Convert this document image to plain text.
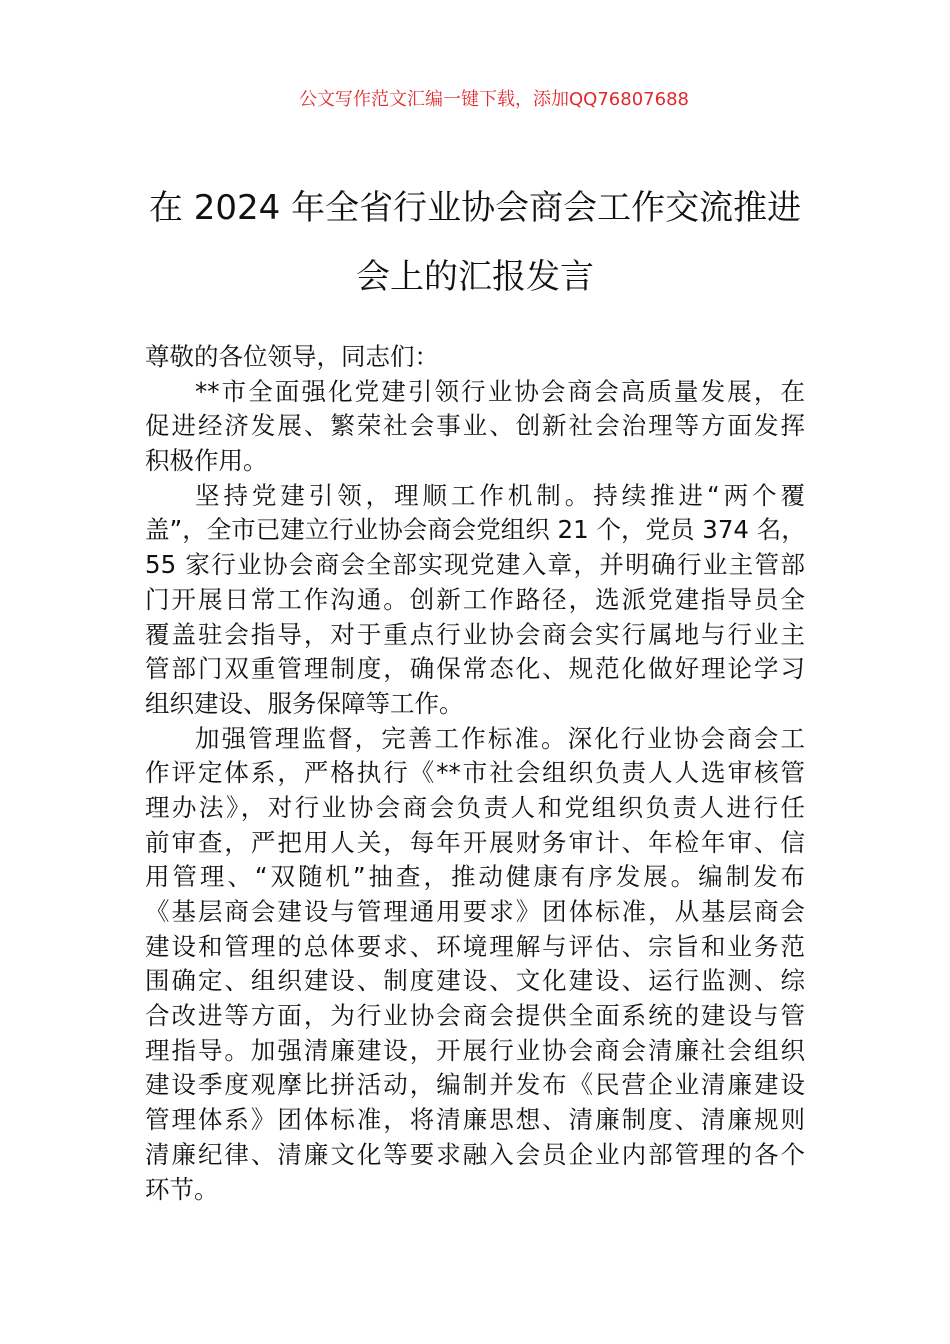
公文写作范文汇编一键下载，添加QQ76807688
在 2024 年全省行业协会商会工作交流推进
会上的汇报发言
尊敬的各位领导，同志们：
**市全面强化党建引领行业协会商会高质量发展，在
促进经济发展、繁荣社会事业、创新社会治理等方面发挥
积极作用。
坚持党建引领，理顺工作机制。持续推进“两个覆
盖”，全市已建立行业协会商会党组织 21 个，党员 374 名，
55 家行业协会商会全部实现党建入章，并明确行业主管部
门开展日常工作沟通。创新工作路径，选派党建指导员全
覆盖驻会指导，对于重点行业协会商会实行属地与行业主
管部门双重管理制度，确保常态化、规范化做好理论学习
组织建设、服务保障等工作。
加强管理监督，完善工作标准。深化行业协会商会工
作评定体系，严格执行《**市社会组织负责人人选审核管
理办法》，对行业协会商会负责人和党组织负责人进行任
前审查，严把用人关，每年开展财务审计、年检年审、信
用管理、“双随机”抽查，推动健康有序发展。编制发布
《基层商会建设与管理通用要求》团体标准，从基层商会
建设和管理的总体要求、环境理解与评估、宗旨和业务范
围确定、组织建设、制度建设、文化建设、运行监测、综
合改进等方面，为行业协会商会提供全面系统的建设与管
理指导。加强清廉建设，开展行业协会商会清廉社会组织
建设季度观摩比拼活动，编制并发布《民营企业清廉建设
管理体系》团体标准，将清廉思想、清廉制度、清廉规则
清廉纪律、清廉文化等要求融入会员企业内部管理的各个
环节。
